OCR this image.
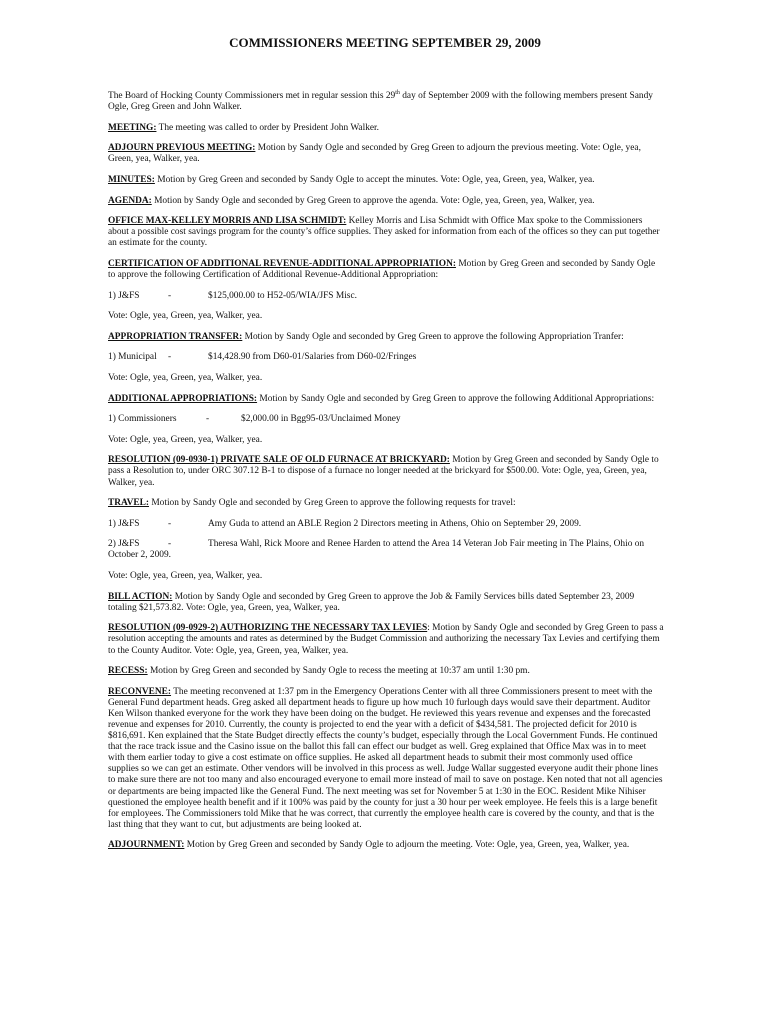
COMMISSIONERS MEETING SEPTEMBER 29, 2009

The Board of Hocking County Commissioners met in regular session this 29th day of September 2009 with the following members present Sandy Ogle, Greg Green and John Walker.

MEETING: The meeting was called to order by President John Walker.

ADJOURN PREVIOUS MEETING: Motion by Sandy Ogle and seconded by Greg Green to adjourn the previous meeting. Vote: Ogle, yea, Green, yea, Walker, yea.

MINUTES: Motion by Greg Green and seconded by Sandy Ogle to accept the minutes. Vote: Ogle, yea, Green, yea, Walker, yea.

AGENDA: Motion by Sandy Ogle and seconded by Greg Green to approve the agenda. Vote: Ogle, yea, Green, yea, Walker, yea.

OFFICE MAX-KELLEY MORRIS AND LISA SCHMIDT: Kelley Morris and Lisa Schmidt with Office Max spoke to the Commissioners about a possible cost savings program for the county’s office supplies. They asked for information from each of the offices so they can put together an estimate for the county.

CERTIFICATION OF ADDITIONAL REVENUE-ADDITIONAL APPROPRIATION: Motion by Greg Green and seconded by Sandy Ogle to approve the following Certification of Additional Revenue-Additional Appropriation:

1) J&FS	-	$125,000.00 to H52-05/WIA/JFS Misc.

Vote: Ogle, yea, Green, yea, Walker, yea.

APPROPRIATION TRANSFER: Motion by Sandy Ogle and seconded by Greg Green to approve the following Appropriation Tranfer:

1) Municipal -	$14,428.90 from D60-01/Salaries from D60-02/Fringes

Vote: Ogle, yea, Green, yea, Walker, yea.

ADDITIONAL APPROPRIATIONS: Motion by Sandy Ogle and seconded by Greg Green to approve the following Additional Appropriations:

1) Commissioners	-	$2,000.00 in Bgg95-03/Unclaimed Money

Vote: Ogle, yea, Green, yea, Walker, yea.

RESOLUTION (09-0930-1) PRIVATE SALE OF OLD FURNACE AT BRICKYARD: Motion by Greg Green and seconded by Sandy Ogle to pass a Resolution to, under ORC 307.12 B-1 to dispose of a furnace no longer needed at the brickyard for $500.00. Vote: Ogle, yea, Green, yea, Walker, yea.

TRAVEL: Motion by Sandy Ogle and seconded by Greg Green to approve the following requests for travel:

1) J&FS	-	Amy Guda to attend an ABLE Region 2 Directors meeting in Athens, Ohio on September 29, 2009.

2) J&FS	-	Theresa Wahl, Rick Moore and Renee Harden to attend the Area 14 Veteran Job Fair meeting in The Plains, Ohio on October 2, 2009.

Vote: Ogle, yea, Green, yea, Walker, yea.

BILL ACTION: Motion by Sandy Ogle and seconded by Greg Green to approve the Job & Family Services bills dated September 23, 2009 totaling $21,573.82. Vote: Ogle, yea, Green, yea, Walker, yea.

RESOLUTION (09-0929-2) AUTHORIZING THE NECESSARY TAX LEVIES: Motion by Sandy Ogle and seconded by Greg Green to pass a resolution accepting the amounts and rates as determined by the Budget Commission and authorizing the necessary Tax Levies and certifying them to the County Auditor. Vote: Ogle, yea, Green, yea, Walker, yea.

RECESS: Motion by Greg Green and seconded by Sandy Ogle to recess the meeting at 10:37 am until 1:30 pm.

RECONVENE: The meeting reconvened at 1:37 pm in the Emergency Operations Center with all three Commissioners present to meet with the General Fund department heads. Greg asked all department heads to figure up how much 10 furlough days would save their department. Auditor Ken Wilson thanked everyone for the work they have been doing on the budget. He reviewed this years revenue and expenses and the forecasted revenue and expenses for 2010. Currently, the county is projected to end the year with a deficit of $434,581. The projected deficit for 2010 is $816,691. Ken explained that the State Budget directly effects the county’s budget, especially through the Local Government Funds. He continued that the race track issue and the Casino issue on the ballot this fall can effect our budget as well. Greg explained that Office Max was in to meet with them earlier today to give a cost estimate on office supplies. He asked all department heads to submit their most commonly used office supplies so we can get an estimate. Other vendors will be involved in this process as well. Judge Wallar suggested everyone audit their phone lines to make sure there are not too many and also encouraged everyone to email more instead of mail to save on postage. Ken noted that not all agencies or departments are being impacted like the General Fund. The next meeting was set for November 5 at 1:30 in the EOC. Resident Mike Nihiser questioned the employee health benefit and if it 100% was paid by the county for just a 30 hour per week employee. He feels this is a large benefit for employees. The Commissioners told Mike that he was correct, that currently the employee health care is covered by the county, and that is the last thing that they want to cut, but adjustments are being looked at.

ADJOURNMENT: Motion by Greg Green and seconded by Sandy Ogle to adjourn the meeting. Vote: Ogle, yea, Green, yea, Walker, yea.
